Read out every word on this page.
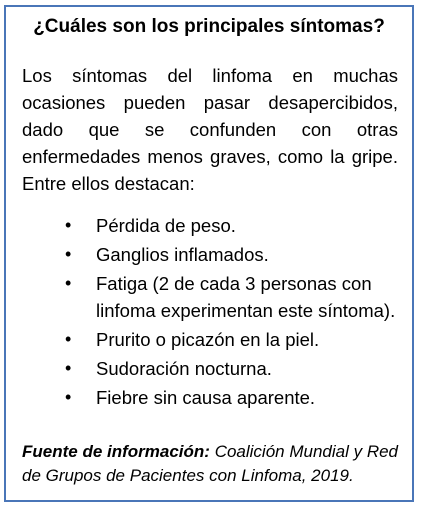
¿Cuáles son los principales síntomas?

Los síntomas del linfoma en muchas ocasiones pueden pasar desapercibidos, dado que se confunden con otras enfermedades menos graves, como la gripe. Entre ellos destacan:

• Pérdida de peso.
• Ganglios inflamados.
• Fatiga (2 de cada 3 personas con linfoma experimentan este síntoma).
• Prurito o picazón en la piel.
• Sudoración nocturna.
• Fiebre sin causa aparente.

Fuente de información: Coalición Mundial y Red de Grupos de Pacientes con Linfoma, 2019.
